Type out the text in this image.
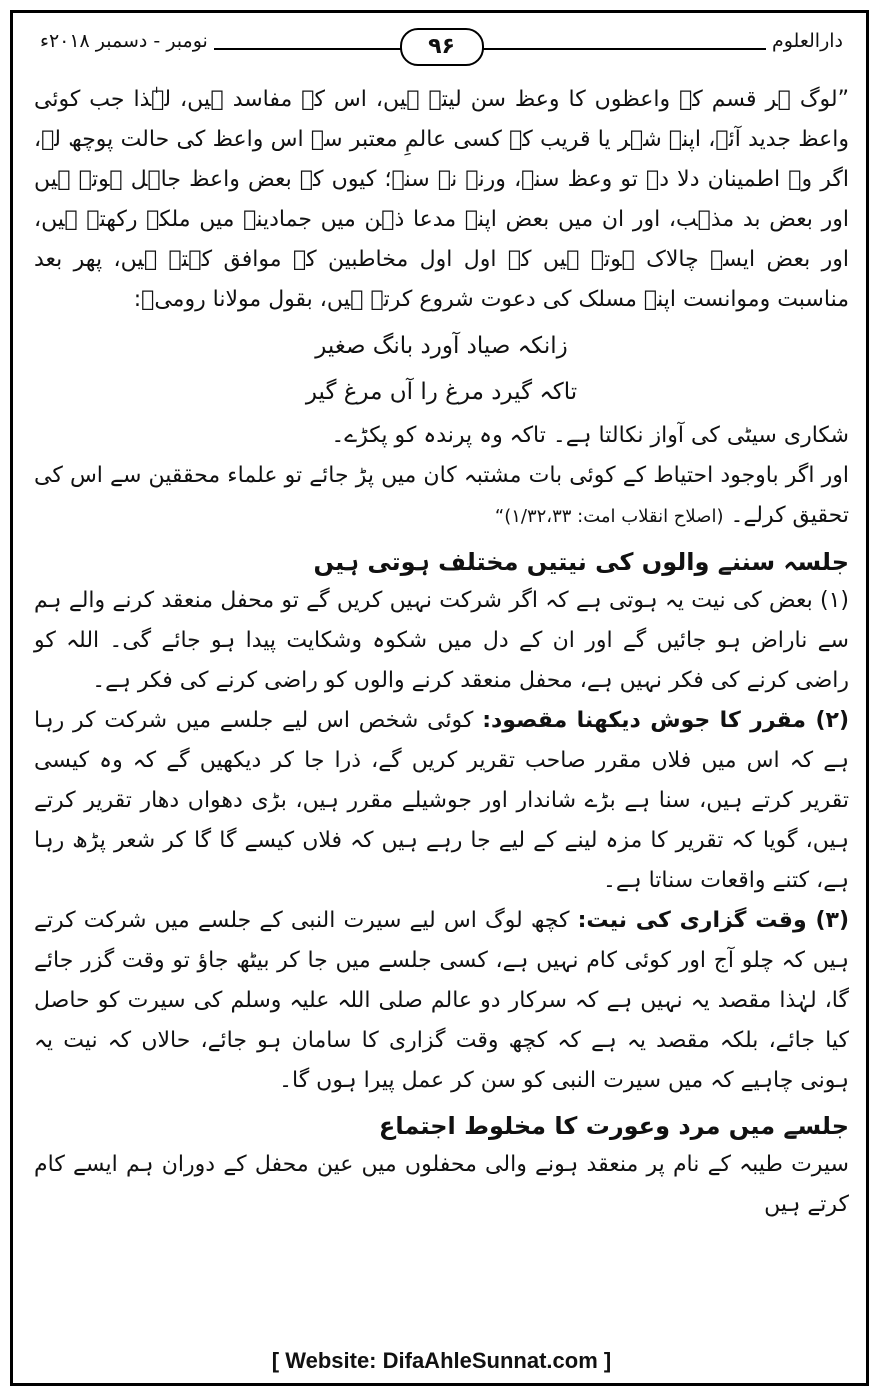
نومبر - دسمبر ۲۰۱۸ء	۹۶	دارالعلوم

”لوگ ہر قسم کے واعظوں کا وعظ سن لیتے ہیں، اس کے مفاسد ہیں، لہٰذا جب کوئی واعظ جدید آئے، اپنے شہر یا قریب کے کسی عالمِ معتبر سے اس واعظ کی حالت پوچھ لے، اگر وہ اطمینان دلا دے تو وعظ سنے، ورنہ نہ سنے؛ کیوں کہ بعض واعظ جاہل ہوتے ہیں اور بعض بد مذہب، اور ان میں بعض اپنے مدعا ذہن میں جمادینے میں ملکہ رکھتے ہیں، اور بعض ایسے چالاک ہوتے ہیں کہ اول اول مخاطبین کے موافق کہتے ہیں، پھر بعد مناسبت وموانست اپنے مسلک کی دعوت شروع کرتے ہیں، بقول مولانا رومیؒ:

زانکہ صیاد آورد بانگ صغیر
تاکہ گیرد مرغ را آں مرغ گیر

شکاری سیٹی کی آواز نکالتا ہے۔ تاکہ وہ پرندہ کو پکڑے۔

اور اگر باوجود احتیاط کے کوئی بات مشتبہ کان میں پڑ جائے تو علماء محققین سے اس کی تحقیق کرلے۔ (اصلاح انقلاب امت: ۱/۳۲،۳۳)“

جلسہ سننے والوں کی نیتیں مختلف ہوتی ہیں

(۱) بعض کی نیت یہ ہوتی ہے کہ اگر شرکت نہیں کریں گے تو محفل منعقد کرنے والے ہم سے ناراض ہو جائیں گے اور ان کے دل میں شکوہ وشکایت پیدا ہو جائے گی۔ اللہ کو راضی کرنے کی فکر نہیں ہے، محفل منعقد کرنے والوں کو راضی کرنے کی فکر ہے۔

(۲) مقرر کا جوش دیکھنا مقصود: کوئی شخص اس لیے جلسے میں شرکت کر رہا ہے کہ اس میں فلاں مقرر صاحب تقریر کریں گے، ذرا جا کر دیکھیں گے کہ وہ کیسی تقریر کرتے ہیں، سنا ہے بڑے شاندار اور جوشیلے مقرر ہیں، بڑی دھواں دھار تقریر کرتے ہیں، گویا کہ تقریر کا مزہ لینے کے لیے جا رہے ہیں کہ فلاں کیسے گا گا کر شعر پڑھ رہا ہے، کتنے واقعات سناتا ہے۔

(۳) وقت گزاری کی نیت: کچھ لوگ اس لیے سیرت النبی کے جلسے میں شرکت کرتے ہیں کہ چلو آج اور کوئی کام نہیں ہے، کسی جلسے میں جا کر بیٹھ جاؤ تو وقت گزر جائے گا، لہٰذا مقصد یہ نہیں ہے کہ سرکار دو عالم صلی اللہ علیہ وسلم کی سیرت کو حاصل کیا جائے، بلکہ مقصد یہ ہے کہ کچھ وقت گزاری کا سامان ہو جائے، حالاں کہ نیت یہ ہونی چاہیے کہ میں سیرت النبی کو سن کر عمل پیرا ہوں گا۔

جلسے میں مرد وعورت کا مخلوط اجتماع

سیرت طیبہ کے نام پر منعقد ہونے والی محفلوں میں عین محفل کے دوران ہم ایسے کام کرتے ہیں

[ Website: DifaAhleSunnat.com ]
